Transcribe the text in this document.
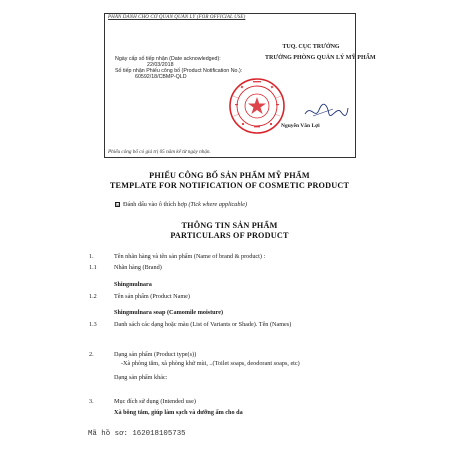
PHẦN DÀNH CHO CƠ QUAN QUẢN LÝ (FOR OFFICIAL USE)
Ngày cấp số tiếp nhận (Date acknowledged):
22/03/2018
Số tiếp nhận Phiếu công bố (Product Notification No.):
60592/18/CBMP-QLD
TUQ. CỤC TRƯỞNG
TRƯỞNG PHÒNG QUẢN LÝ MỸ PHẨM
Nguyễn Văn Lợi
Phiếu công bố có giá trị 05 năm kể từ ngày nhận.
PHIẾU CÔNG BỐ SẢN PHẨM MỸ PHẨM
TEMPLATE FOR NOTIFICATION OF COSMETIC PRODUCT
☑ Đánh dấu vào ô thích hợp (Tick where applicable)
THÔNG TIN SẢN PHẨM
PARTICULARS OF PRODUCT
1.	Tên nhãn hàng và tên sản phẩm (Name of brand & product) :
1.1	Nhãn hàng (Brand)
Shingmulnara
1.2	Tên sản phẩm (Product Name)
Shingmulnara soap (Camomile moisture)
1.3	Danh sách các dạng hoặc màu (List of Variants or Shade). Tên (Names)
2.	Dạng sản phẩm (Product type(s))
-Xà phòng tắm, xà phòng khử mùi, ..(Toilet soaps, deodorant soaps, etc)
Dạng sản phẩm khác:
3.	Mục đích sử dụng (Intended use)
Xà bông tắm, giúp làm sạch và dưỡng ẩm cho da
Mã hồ sơ: 162018105735
